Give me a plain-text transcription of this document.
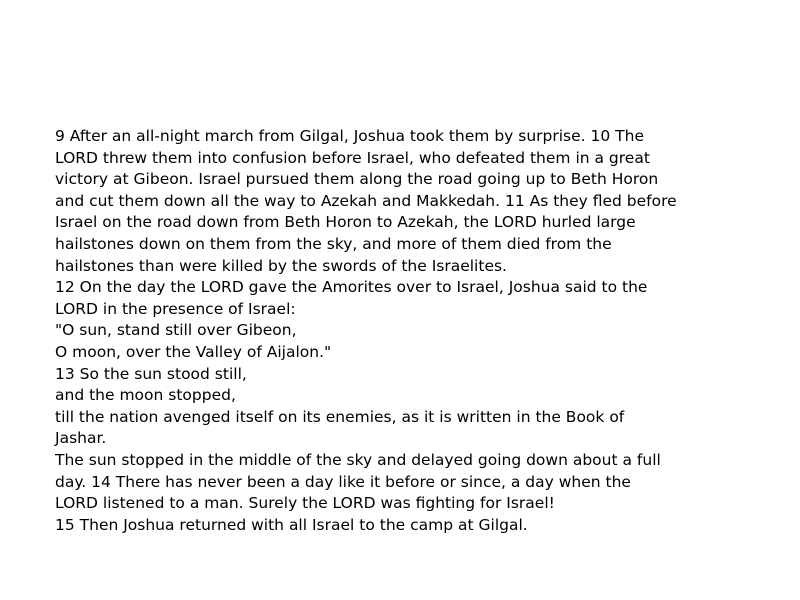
9 After an all-night march from Gilgal, Joshua took them by surprise. 10 The
LORD threw them into confusion before Israel, who defeated them in a great
victory at Gibeon. Israel pursued them along the road going up to Beth Horon
and cut them down all the way to Azekah and Makkedah. 11 As they fled before
Israel on the road down from Beth Horon to Azekah, the LORD hurled large
hailstones down on them from the sky, and more of them died from the
hailstones than were killed by the swords of the Israelites.
12 On the day the LORD gave the Amorites over to Israel, Joshua said to the
LORD in the presence of Israel:
"O sun, stand still over Gibeon,
O moon, over the Valley of Aijalon."
13 So the sun stood still,
and the moon stopped,
till the nation avenged itself on its enemies, as it is written in the Book of
Jashar.
The sun stopped in the middle of the sky and delayed going down about a full
day. 14 There has never been a day like it before or since, a day when the
LORD listened to a man. Surely the LORD was fighting for Israel!
15 Then Joshua returned with all Israel to the camp at Gilgal.
